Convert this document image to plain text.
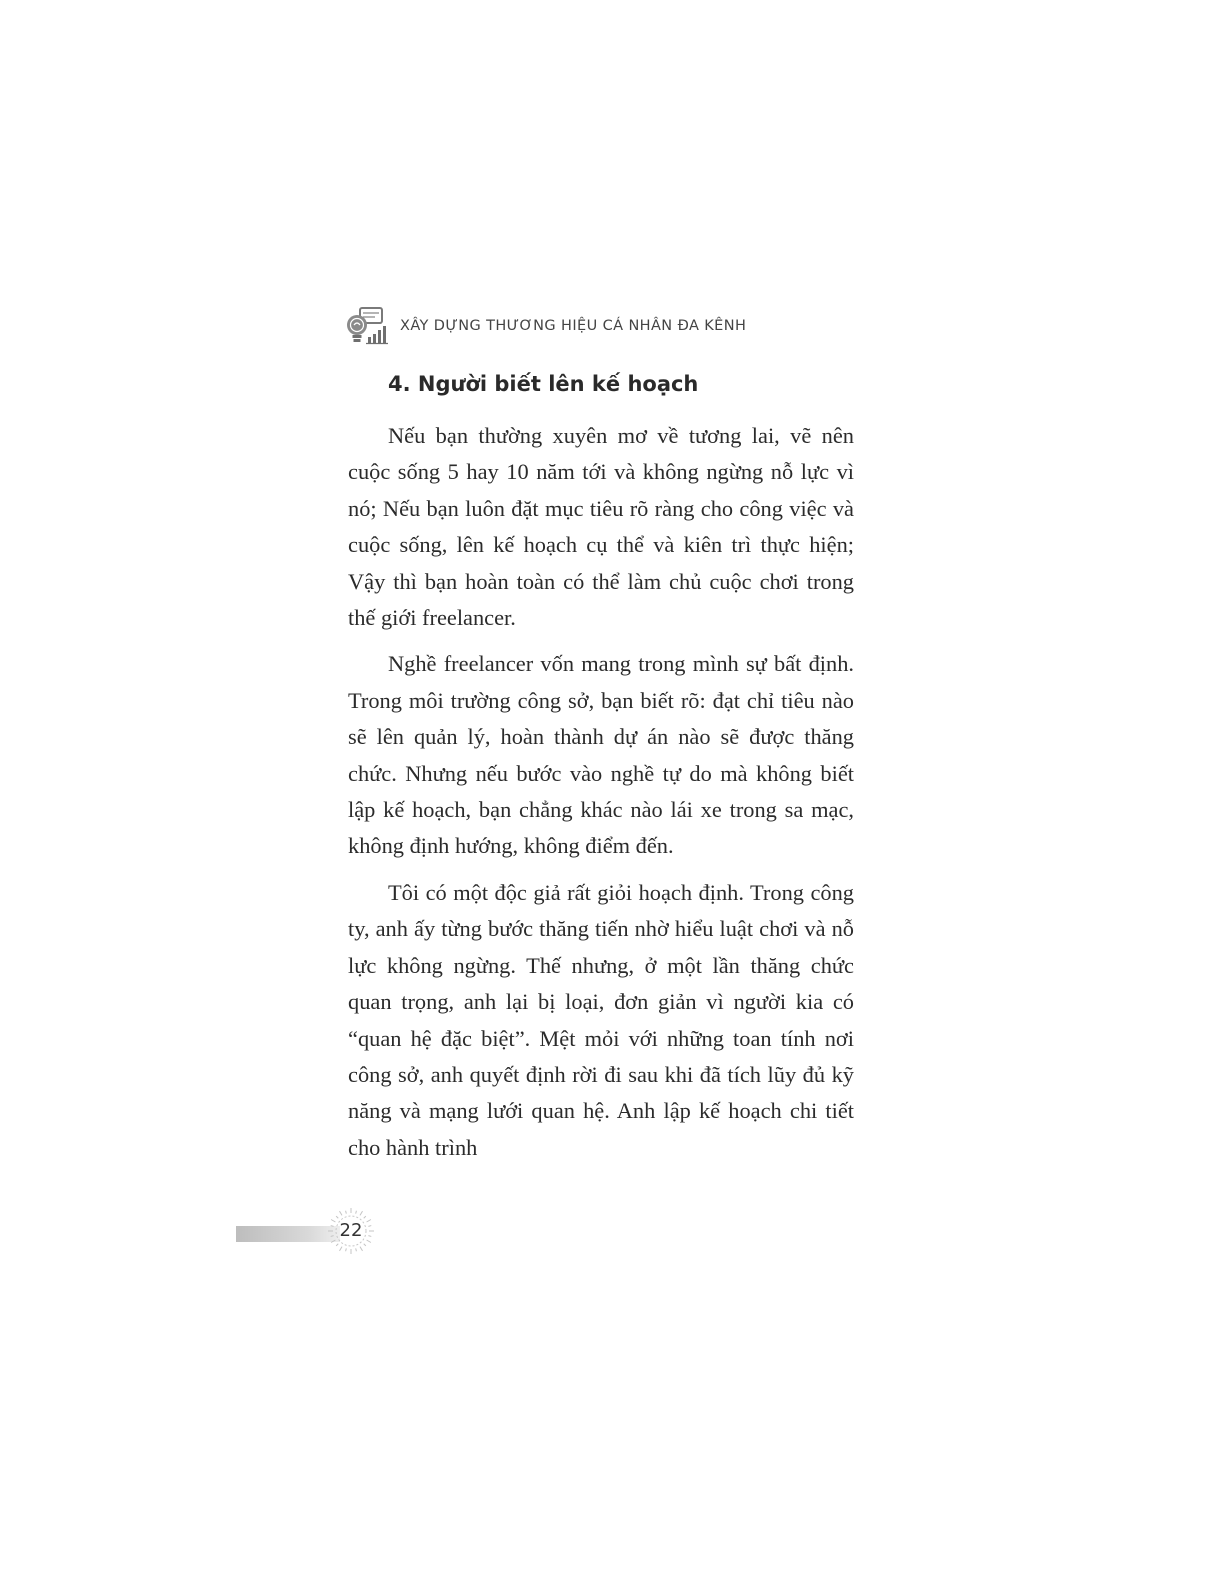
XÂY DỰNG THƯƠNG HIỆU CÁ NHÂN ĐA KÊNH
4. Người biết lên kế hoạch

Nếu bạn thường xuyên mơ về tương lai, vẽ nên cuộc sống 5 hay 10 năm tới và không ngừng nỗ lực vì nó; Nếu bạn luôn đặt mục tiêu rõ ràng cho công việc và cuộc sống, lên kế hoạch cụ thể và kiên trì thực hiện; Vậy thì bạn hoàn toàn có thể làm chủ cuộc chơi trong thế giới freelancer.

Nghề freelancer vốn mang trong mình sự bất định. Trong môi trường công sở, bạn biết rõ: đạt chỉ tiêu nào sẽ lên quản lý, hoàn thành dự án nào sẽ được thăng chức. Nhưng nếu bước vào nghề tự do mà không biết lập kế hoạch, bạn chẳng khác nào lái xe trong sa mạc, không định hướng, không điểm đến.

Tôi có một độc giả rất giỏi hoạch định. Trong công ty, anh ấy từng bước thăng tiến nhờ hiểu luật chơi và nỗ lực không ngừng. Thế nhưng, ở một lần thăng chức quan trọng, anh lại bị loại, đơn giản vì người kia có “quan hệ đặc biệt”. Mệt mỏi với những toan tính nơi công sở, anh quyết định rời đi sau khi đã tích lũy đủ kỹ năng và mạng lưới quan hệ. Anh lập kế hoạch chi tiết cho hành trình

22
